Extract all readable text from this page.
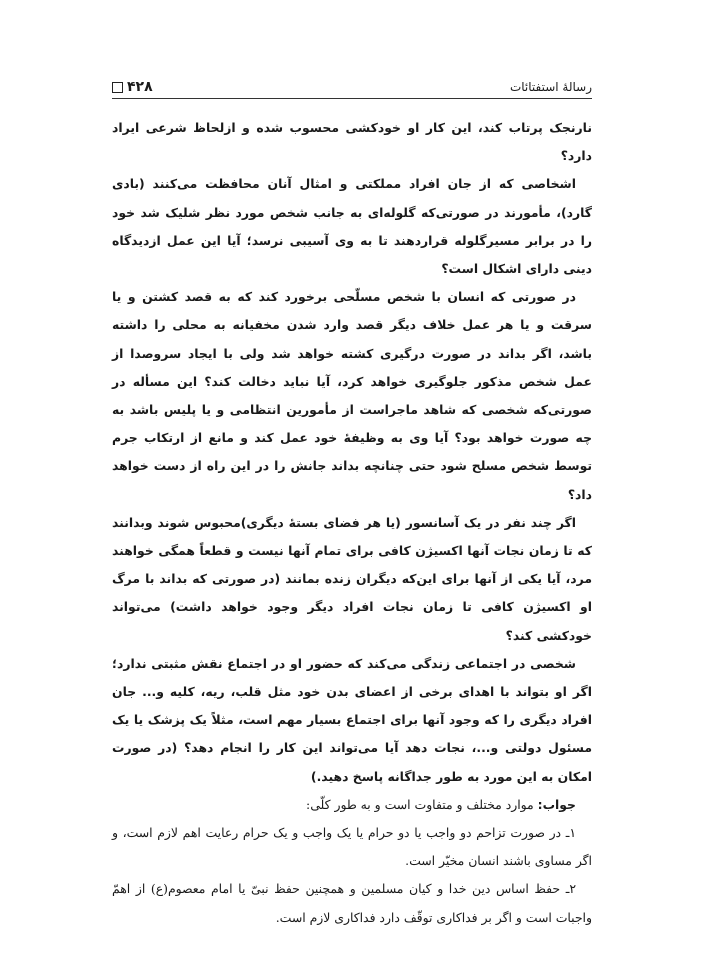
۴۲۸	رسالۀ استفتائات

نارنجک پرتاب کند، این کار او خودکشی محسوب شده و ازلحاظ شرعی ایراد دارد؟

اشخاصی که از جان افراد مملکتی و امثال آنان محافظت می‌کنند (بادی گارد)، مأمورند در صورتی‌که گلوله‌ای به جانب شخص مورد نظر شلیک شد خود را در برابر مسیرگلوله قراردهند تا به وی آسیبی نرسد؛ آیا این عمل ازدیدگاه دینی دارای اشکال است؟

در صورتی که انسان با شخص مسلّحی برخورد کند که به قصد کشتن و یا سرقت و یا هر عمل خلاف دیگر قصد وارد شدن مخفیانه به محلی را داشته باشد، اگر بداند در صورت درگیری کشته خواهد شد ولی با ایجاد سروصدا از عمل شخص مذکور جلوگیری خواهد کرد، آیا نباید دخالت کند؟ این مسأله در صورتی‌که شخصی که شاهد ماجراست از مأمورین انتظامی و یا پلیس باشد به چه صورت خواهد بود؟ آیا وی به وظیفۀ خود عمل کند و مانع از ارتکاب جرم توسط شخص مسلح شود حتی چنانچه بداند جانش را در این راه از دست خواهد داد؟

اگر چند نفر در یک آسانسور (یا هر فضای بستۀ دیگری)محبوس شوند وبدانند که تا زمان نجات آنها اکسیژن کافی برای تمام آنها نیست و قطعاً همگی خواهند مرد، آیا یکی از آنها برای این‌که دیگران زنده بمانند (در صورتی که بداند با مرگ او اکسیژن کافی تا زمان نجات افراد دیگر وجود خواهد داشت) می‌تواند خودکشی کند؟

شخصی در اجتماعی زندگی می‌کند که حضور او در اجتماع نقش مثبتی ندارد؛ اگر او بتواند با اهدای برخی از اعضای بدن خود مثل قلب، ریه، کلیه و... جان افراد دیگری را که وجود آنها برای اجتماع بسیار مهم است، مثلاً یک پزشک یا یک مسئول دولتی و...، نجات دهد آیا می‌تواند این کار را انجام دهد؟ (در صورت امکان به این مورد به طور جداگانه پاسخ دهید.)

جواب: موارد مختلف و متفاوت است و به طور کلّی:

۱ـ در صورت تزاحم دو واجب یا دو حرام یا یک واجب و یک حرام رعایت اهم لازم است، و اگر مساوی باشند انسان مخیّر است.

۲ـ حفظ اساس دین خدا و کیان مسلمین و همچنین حفظ نبیّ یا امام معصوم(ع) از اهمّ واجبات است و اگر بر فداکاری توقّف دارد فداکاری لازم است.
